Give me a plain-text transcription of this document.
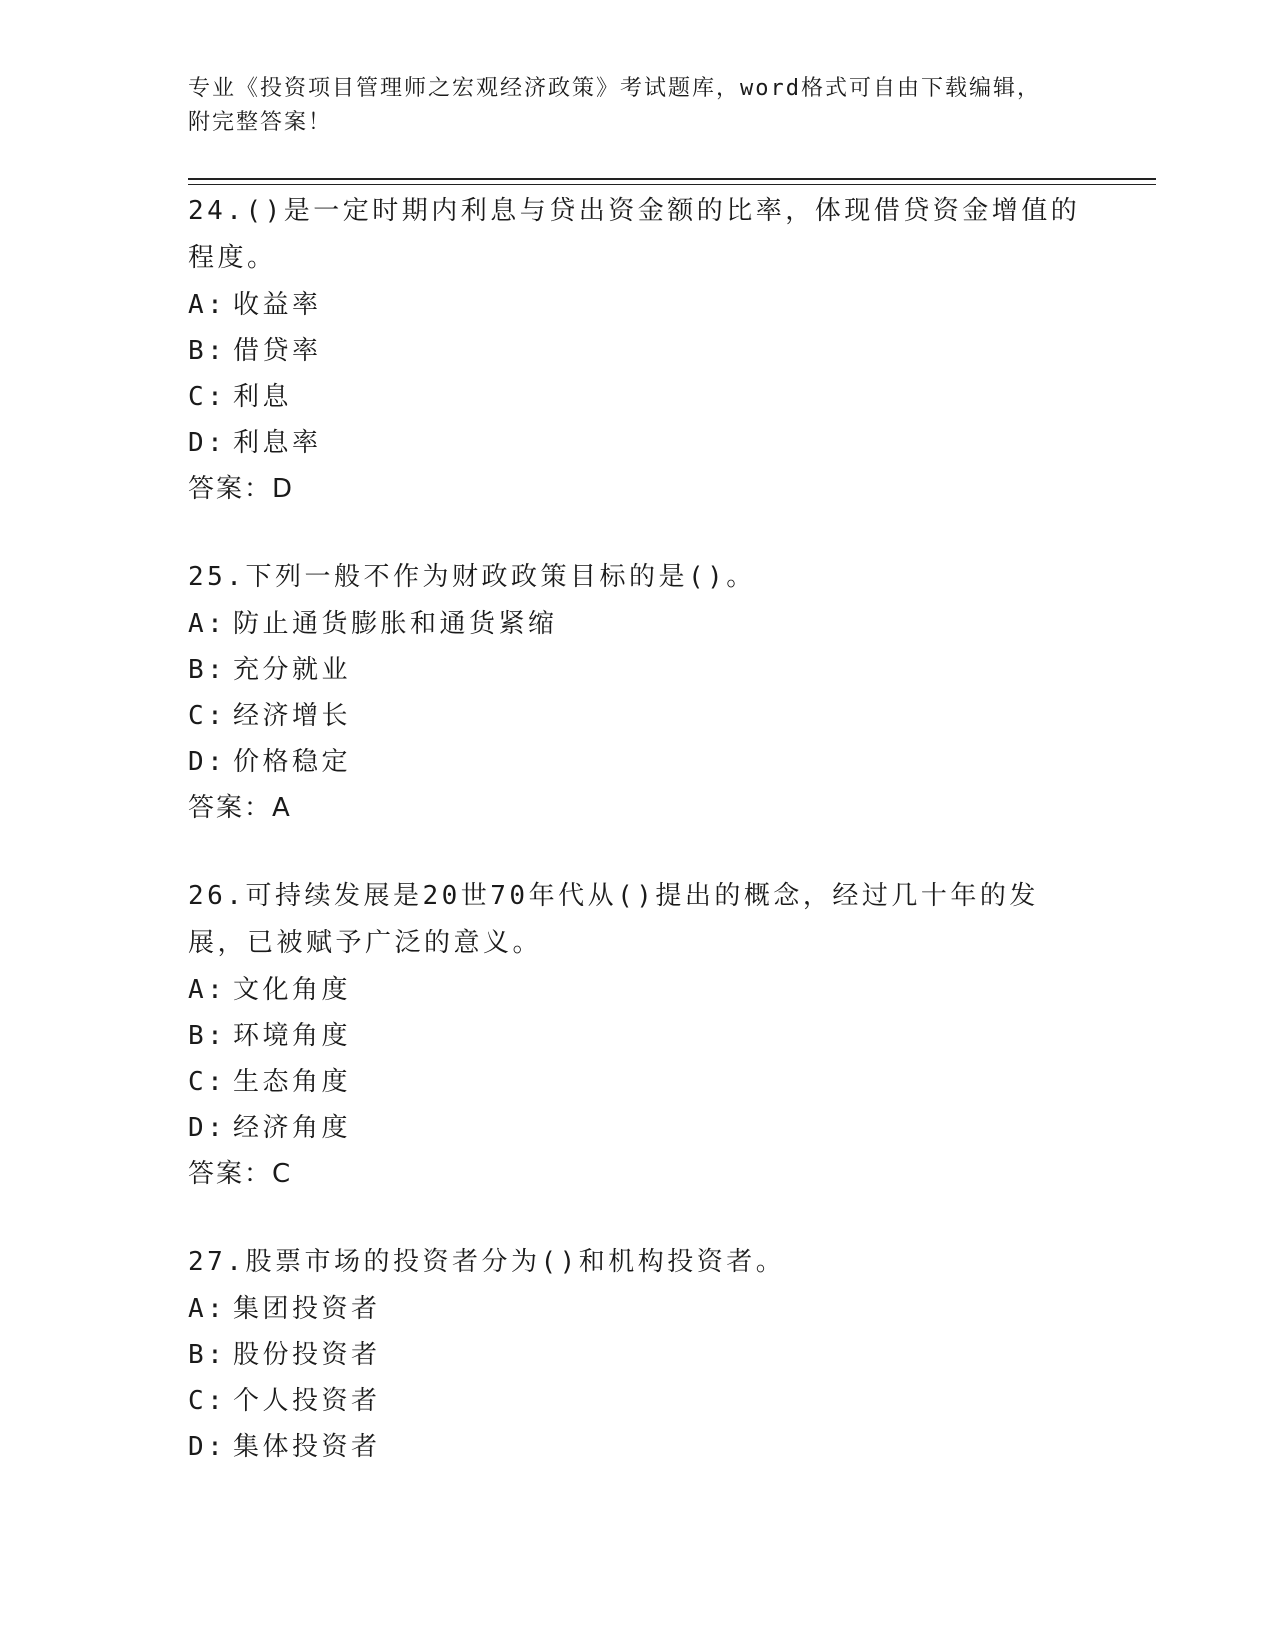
专业《投资项目管理师之宏观经济政策》考试题库，word格式可自由下载编辑，
附完整答案！

24.()是一定时期内利息与贷出资金额的比率，体现借贷资金增值的程度。

A: 收益率
B: 借贷率
C: 利息
D: 利息率

答案：D

25.下列一般不作为财政政策目标的是()。

A: 防止通货膨胀和通货紧缩
B: 充分就业
C: 经济增长
D: 价格稳定

答案：A

26.可持续发展是20世70年代从()提出的概念，经过几十年的发展，已被赋予广泛的意义。

A: 文化角度
B: 环境角度
C: 生态角度
D: 经济角度

答案：C

27.股票市场的投资者分为()和机构投资者。

A: 集团投资者
B: 股份投资者
C: 个人投资者
D: 集体投资者
